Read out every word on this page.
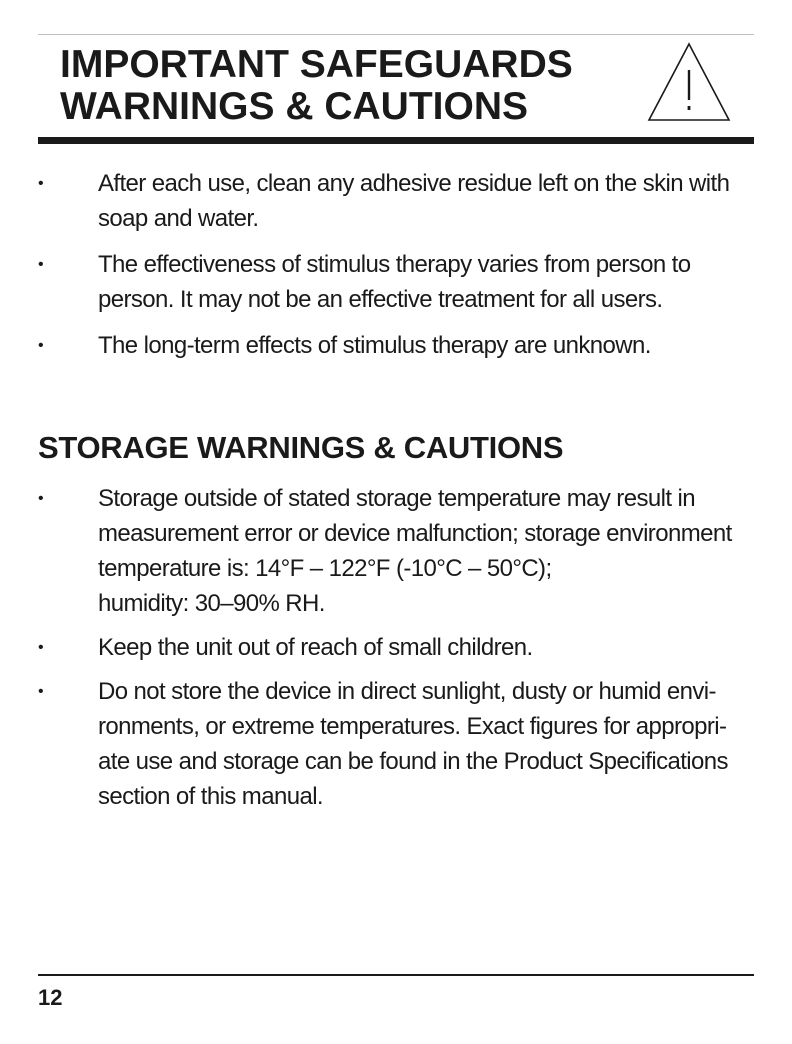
IMPORTANT SAFEGUARDS
WARNINGS & CAUTIONS
• After each use, clean any adhesive residue left on the skin with
soap and water.
• The effectiveness of stimulus therapy varies from person to
person. It may not be an effective treatment for all users.
• The long-term effects of stimulus therapy are unknown.
STORAGE WARNINGS & CAUTIONS
• Storage outside of stated storage temperature may result in
measurement error or device malfunction; storage environment
temperature is: 14°F – 122°F (-10°C – 50°C);
humidity: 30–90% RH.
• Keep the unit out of reach of small children.
• Do not store the device in direct sunlight, dusty or humid envi-
ronments, or extreme temperatures. Exact figures for appropri-
ate use and storage can be found in the Product Specifications
section of this manual.
12
